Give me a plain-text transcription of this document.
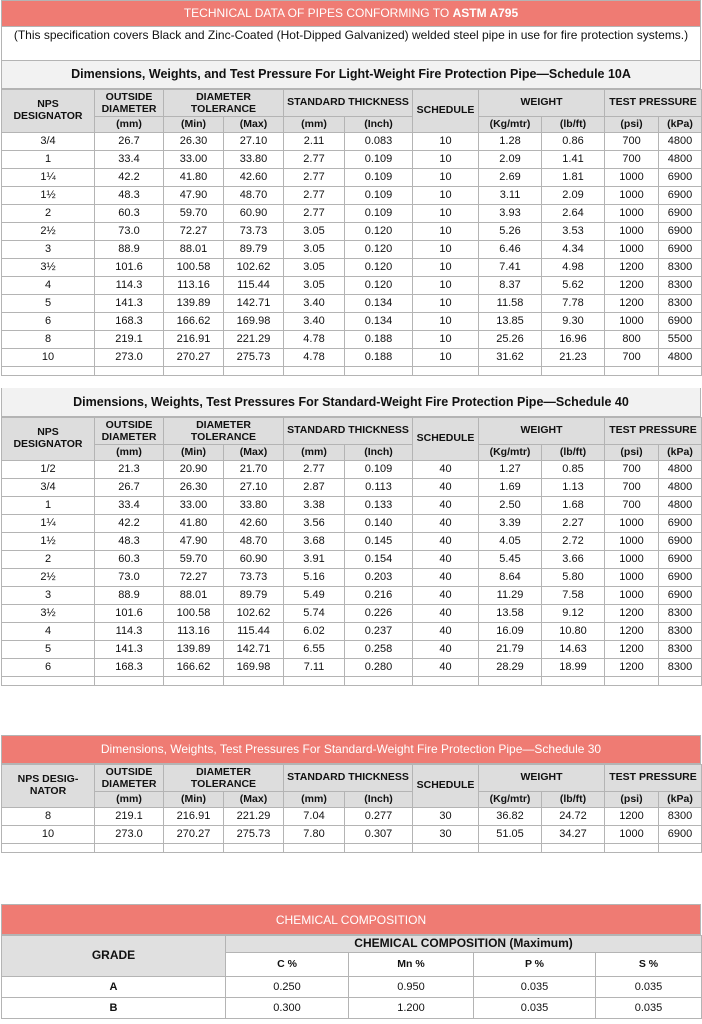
TECHNICAL DATA OF PIPES CONFORMING TO ASTM A795
(This specification covers Black and Zinc-Coated (Hot-Dipped Galvanized) welded steel pipe in use for fire protection systems.)
Dimensions, Weights, and Test Pressure For Light-Weight Fire Protection Pipe—Schedule 10A
NPS DESIGNATOR	OUTSIDE DIAMETER	DIAMETER TOLERANCE		STANDARD THICKNESS		SCHEDULE	WEIGHT		TEST PRESSURE	
	(mm)	(Min)	(Max)	(mm)	(Inch)		(Kg/mtr)	(lb/ft)	(psi)	(kPa)
3/4	26.7	26.30	27.10	2.11	0.083	10	1.28	0.86	700	4800
1	33.4	33.00	33.80	2.77	0.109	10	2.09	1.41	700	4800
1¼	42.2	41.80	42.60	2.77	0.109	10	2.69	1.81	1000	6900
1½	48.3	47.90	48.70	2.77	0.109	10	3.11	2.09	1000	6900
2	60.3	59.70	60.90	2.77	0.109	10	3.93	2.64	1000	6900
2½	73.0	72.27	73.73	3.05	0.120	10	5.26	3.53	1000	6900
3	88.9	88.01	89.79	3.05	0.120	10	6.46	4.34	1000	6900
3½	101.6	100.58	102.62	3.05	0.120	10	7.41	4.98	1200	8300
4	114.3	113.16	115.44	3.05	0.120	10	8.37	5.62	1200	8300
5	141.3	139.89	142.71	3.40	0.134	10	11.58	7.78	1200	8300
6	168.3	166.62	169.98	3.40	0.134	10	13.85	9.30	1000	6900
8	219.1	216.91	221.29	4.78	0.188	10	25.26	16.96	800	5500
10	273.0	270.27	275.73	4.78	0.188	10	31.62	21.23	700	4800

Dimensions, Weights, Test Pressures For Standard-Weight Fire Protection Pipe—Schedule 40
NPS DESIGNATOR	OUTSIDE DIAMETER	DIAMETER TOLERANCE		STANDARD THICKNESS		SCHEDULE	WEIGHT		TEST PRESSURE	
	(mm)	(Min)	(Max)	(mm)	(Inch)		(Kg/mtr)	(lb/ft)	(psi)	(kPa)
1/2	21.3	20.90	21.70	2.77	0.109	40	1.27	0.85	700	4800
3/4	26.7	26.30	27.10	2.87	0.113	40	1.69	1.13	700	4800
1	33.4	33.00	33.80	3.38	0.133	40	2.50	1.68	700	4800
1¼	42.2	41.80	42.60	3.56	0.140	40	3.39	2.27	1000	6900
1½	48.3	47.90	48.70	3.68	0.145	40	4.05	2.72	1000	6900
2	60.3	59.70	60.90	3.91	0.154	40	5.45	3.66	1000	6900
2½	73.0	72.27	73.73	5.16	0.203	40	8.64	5.80	1000	6900
3	88.9	88.01	89.79	5.49	0.216	40	11.29	7.58	1000	6900
3½	101.6	100.58	102.62	5.74	0.226	40	13.58	9.12	1200	8300
4	114.3	113.16	115.44	6.02	0.237	40	16.09	10.80	1200	8300
5	141.3	139.89	142.71	6.55	0.258	40	21.79	14.63	1200	8300
6	168.3	166.62	169.98	7.11	0.280	40	28.29	18.99	1200	8300

Dimensions, Weights, Test Pressures For Standard-Weight Fire Protection Pipe—Schedule 30
NPS DESIG- NATOR	OUTSIDE DIAMETER	DIAMETER TOLERANCE		STANDARD THICKNESS		SCHEDULE	WEIGHT		TEST PRESSURE	
	(mm)	(Min)	(Max)	(mm)	(Inch)		(Kg/mtr)	(lb/ft)	(psi)	(kPa)
8	219.1	216.91	221.29	7.04	0.277	30	36.82	24.72	1200	8300
10	273.0	270.27	275.73	7.80	0.307	30	51.05	34.27	1000	6900

CHEMICAL COMPOSITION
GRADE	CHEMICAL COMPOSITION (Maximum)			
	C %	Mn %	P %	S %
A	0.250	0.950	0.035	0.035
B	0.300	1.200	0.035	0.035
